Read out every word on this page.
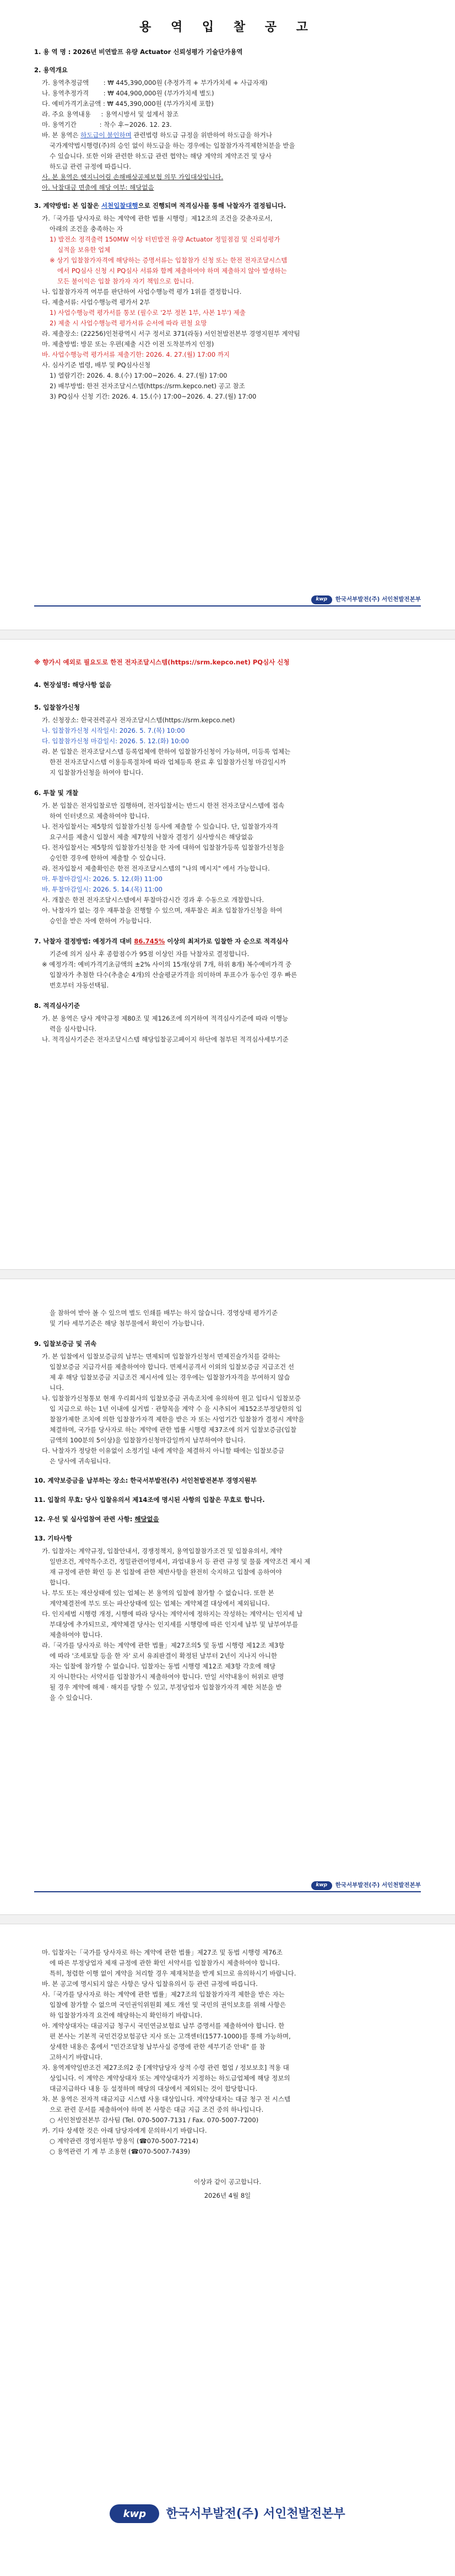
용 역 입 찰 공 고
1. 용 역 명 : 2026년 비연발프 유량 Actuator 신뢰성평가 기술단가용역
2. 용역개요
가. 용역추정금액 　　: ₩ 445,390,000원 (추정가격 + 부가가치세 + 사급자재)
나. 용역추정가격 　　: ₩ 404,900,000원 (부가가치세 별도)
다. 예비가격기초금액 : ₩ 445,390,000원 (부가가치세 포함)
라. 주요 용역내용 　 : 용역시방서 및 설계서 참조
마. 용역기간 　　　 : 착수 후~2026. 12. 23.
바. 본 용역은 하도급이 불인하며 관련법령 하도급 규정을 위반하여 하도급을 하거나
국가계약법시행령(주)의 승인 없이 하도급을 하는 경우에는 입찰참가자격제한처분을 받을
수 있습니다. 또한 이와 관련한 하도급 관련 협약는 해당 계약의 계약조건 및 당사
하도급 관련 규정에 따릅니다.
사. 본 용역은 엔지니어링 손해배상공제보험 의무 가입대상입니다.
아. 낙찰대금 면출에 해당 여부: 해당없음
3. 계약방법: 본 입찰은 서천입찰대행으로 진행되며 적격심사를 통해 낙찰자가 결정됩니다.
가.「국가를 당사자로 하는 계약에 관한 법률 시행령」제12조의 조건을 갖춘자로서,
아래의 조건을 충족하는 자
1) 발전소 정격출력 150MW 이상 터빈발전 유량 Actuator 정밀점검 및 신뢰성평가
실적을 보유한 업체
※ 상기 입찰참가자격에 해당하는 증명서류는 입찰참가 신청 또는 한전 전자조달시스템
에서 PQ심사 신청 시 PQ심사 서류와 함께 제출하여야 하며 제출하지 않아 발생하는
모든 불이익은 입찰 참가자 자기 책임으로 합니다.
나. 입찰참가자격 여부를 판단하여 사업수행능력 평가 1위를 결정합니다.
다. 제출서류: 사업수행능력 평가서 2부
1) 사업수행능력 평가서를 통보 (필수로 '2부 정본 1부, 사본 1부') 제출
2) 제출 시 사업수행능력 평가서류 순서에 따라 편철 요망
라. 제출장소: (22256)인천광역시 서구 정서로 371(라동) 서인천발전본부 경영지원부 계약팀
마. 제출방법: 방문 또는 우편(제출 시간 이전 도착분까지 인정)
바. 사업수행능력 평가서류 제출기한: 2026. 4. 27.(월) 17:00 까지
사. 심사기준 법령, 배부 및 PQ심사신청
1) 열람기간: 2026. 4. 8.(수) 17:00~2026. 4. 27.(월) 17:00
2) 배부방법: 한전 전자조달시스템(https://srm.kepco.net) 공고 참조
3) PQ심사 신청 기간: 2026. 4. 15.(수) 17:00~2026. 4. 27.(월) 17:00
kwp	한국서부발전(주) 서인천발전본부
※ 향가시 예외로 필요도로 한전 전자조달시스템(https://srm.kepco.net) PQ심사 신청
4. 현장설명: 해당사항 없음
5. 입찰참가신청
가. 신청장소: 한국전력공사 전자조달시스템(https://srm.kepco.net)
나. 입찰참가신청 시작일시: 2026. 5. 7.(목) 10:00
다. 입찰참가신청 마감일시: 2026. 5. 12.(화) 10:00
라. 본 입찰은 전자조달시스템 등록업체에 한하여 입찰참가신청이 가능하며, 미등록 업체는
한전 전자조달시스템 이용등록절차에 따라 업체등록 완료 후 입찰참가신청 마감일시까
지 입찰참가신청을 하여야 합니다.
6. 투찰 및 개찰
가. 본 입찰은 전자입찰로만 집행하며, 전자입찰서는 반드시 한전 전자조달시스템에 접속
하여 인터넷으로 제출하여야 합니다.
나. 전자입찰서는 제5항의 입찰참가신청 등사에 제출할 수 있습니다. 단, 입찰참가자격
요구서를 제출시 입찰서 제출 제7항의 낙찰자 결정기 심사방식은 해당없음
다. 전자입찰서는 제5항의 입찰참가신청을 한 자에 대하여 입찰참가등록 입찰참가신청을
승인한 경우에 한하여 제출할 수 있습니다.
라. 전자입찰서 제출확인은 한전 전자조달시스템의 "나의 메시지" 에서 가능합니다.
마. 투찰마감일시: 2026. 5. 12.(화) 11:00
바. 투찰마감일시: 2026. 5. 14.(목) 11:00
사. 개찰은 한전 전자조달시스템에서 투찰마감시간 경과 후 수동으로 개찰합니다.
아. 낙찰자가 없는 경우 재투찰을 진행할 수 있으며, 재투찰은 최초 입찰참가신청을 하여
승인을 받은 자에 한하여 가능합니다.
7. 낙찰자 결정방법: 예정가격 대비 86.745% 이상의 최저가로 입찰한 자 순으로 적격심사
기준에 의거 심사 후 종합점수가 95점 이상인 자를 낙찰자로 결정합니다.
※ 예정가격: 예비가격기초금액의 ±2% 사이의 15개(상위 7개, 하위 8개) 복수예비가격 중
입찰자가 추첨한 다수(추출순 4개)의 산술평균가격을 의미하며 투표수가 동수인 경우 빠른
번호부터 자동선택됨.
8. 적격심사기준
가. 본 용역은 당사 계약규정 제80조 및 제126조에 의거하여 적격심사기준에 따라 이행능
력을 심사합니다.
나. 적격심사기준은 전자조달시스템 해당입찰공고페이지 하단에 첨부된 적격심사세부기준
을 참하여 받아 볼 수 있으며 별도 인쇄를 배부는 하지 않습니다. 경영상태 평가기준
및 기타 세부기준은 해당 첨부물에서 확인이 가능합니다.
9. 입찰보증금 및 귀속
가. 본 입찰에서 입찰보증금의 납부는 면제되며 입찰참가신청서 면제진술가치를 갈하는
입찰보증금 지급각서를 제출하여야 합니다. 면제서공격서 이외의 입찰보증금 지급조건 선
제 후 해당 입찰보증금 지급조건 제시서에 있는 경우에는 입찰참가자격을 부여하지 않습
니다.
나. 입찰참가신청통보 현재 우리회사의 입찰보증금 귀속조치에 유의하여 원고 입다시 입찰보증
입 지급으로 하는 1년 이내에 실거법 · 관항목을 계약 수 을 시추되어 제152조부정당한의 입
찰참가제한 조치에 의한 입찰참가자격 제한을 받은 자 또는 사업기간 입찰참가 결정시 계약을
체결하며, 국가를 당사자로 하는 계약에 관한 법률 시행령 제37조에 의거 입찰보증금(입찰
금액의 100분의 5이상)을 입찰참가신청마감일까지 납부하여야 합니다.
다. 낙찰자가 정당한 이유없이 소정기일 내에 계약을 체결하지 아니할 때에는 입찰보증금
은 당사에 귀속됩니다.
10. 계약보증금을 납부하는 장소: 한국서부발전(주) 서인천발전본부 경영지원부
11. 입찰의 무효: 당사 입찰유의서 제14조에 명시된 사항의 입찰은 무효로 합니다.
12. 우선 및 실사업참여 관련 사항: 해당없음
13. 기타사항
가. 입찰자는 계약규정, 입찰안내서, 경쟁정책지, 용역입찰참가조건 및 입찰유의서, 계약
일반조건, 계약특수조건, 정밀관련어명세서, 과업내용서 등 관련 규정 및 물품 계약조건 제시 제
재 규정에 관한 확인 등 본 입찰에 관한 제반사항을 완전히 숙지하고 입찰에 응하여야
합니다.
나. 부도 또는 재산상태에 있는 업체는 본 용역의 입찰에 참가할 수 없습니다. 또한 본
계약체결전에 부도 또는 파산상태에 있는 업체는 계약체결 대상에서 제외됩니다.
다. 인지세법 시행령 개정, 시행에 따라 당사는 계약서에 정하지는 작성하는 계약서는 인지세 납
부대상에 추가되므로, 계약체결 당사는 인지세를 시행령에 따른 인지세 납부 및 납부여부를
제출하여야 합니다.
라.「국가를 당사자로 하는 계약에 관한 법률」제27조의5 및 동법 시행령 제12조 제3항
에 따라 '조세포탈 등을 한 자' 로서 유죄판결이 확정된 날부터 2년이 지나지 아니한
자는 입찰에 참가할 수 없습니다. 입찰자는 동법 시행령 제12조 제3항 각호에 해당
지 아니한다는 서약서를 입찰참가시 제출하여야 합니다. 만일 서약내용이 허위로 판명
될 경우 계약에 해제 · 해지를 당할 수 있고, 부정당업자 입찰참가자격 제한 처분을 받
을 수 있습니다.
kwp	한국서부발전(주) 서인천발전본부
마. 입찰자는「국가를 당사자로 하는 계약에 관한 법률」제27조 및 동법 시행령 제76조
에 따른 부정당업자 제재 규정에 관한 확인 서약서를 입찰참가시 제출하여야 합니다.
특히, 청렴한 이행 없이 계약을 처리할 경우 제재처분을 받게 되므로 유의하시기 바랍니다.
바. 본 공고에 명시되지 않은 사항은 당사 입찰유의서 등 관련 규정에 따릅니다.
사.「국가를 당사자로 하는 계약에 관한 법률」제27조의 입찰참가자격 제한을 받은 자는
입찰에 참가할 수 없으며 국민권익위원회 제도 개선 및 국민의 권익보호를 위해 사항은
하 입찰참가자격 요건에 해당하는지 확인하기 바랍니다.
아. 계약상대자는 대금지급 청구시 국민연금보험료 납부 증명서를 제출하여야 합니다. 한
편 본사는 기본적 국민건강보험공단 지사 또는 고객센터(1577-1000)를 통해 가능하며,
상세한 내용은 홈에서 "민간조달청 납부사실 증명에 관한 세부기준 안내" 를 참
고하시기 바랍니다.
자. 용역계약일반조건 제27조의2 중 [계약담당자 상적 수령 관련 협업 / 정보보호] 적용 대
상입니다. 이 계약은 계약상대자 또는 계약상대자가 지정하는 하도급업체에 해당 정보의
대금지급하다 내용 등 설정하며 해당의 대상에서 제외되는 것이 합당합니다.
차. 본 용역은 전자적 대금지급 시스템 사용 대상입니다. 계약상대자는 대금 청구 전 시스템
으로 관련 문서를 제출하여야 하며 본 사항은 대금 지급 조건 중의 하나입니다.
○ 서인천발전본부 감사팀 (Tel. 070-5007-7131 / Fax. 070-5007-7200)
카. 기타 상세한 것은 아래 담당자에게 문의하시기 바랍니다.
○ 계약관련 경영지원부 방용익 (☎070-5007-7214)
○ 용역관련 기 계 부 조용현 (☎070-5007-7439)
이상과 같이 공고합니다.
2026년 4월 8일
kwp	한국서부발전(주) 서인천발전본부
